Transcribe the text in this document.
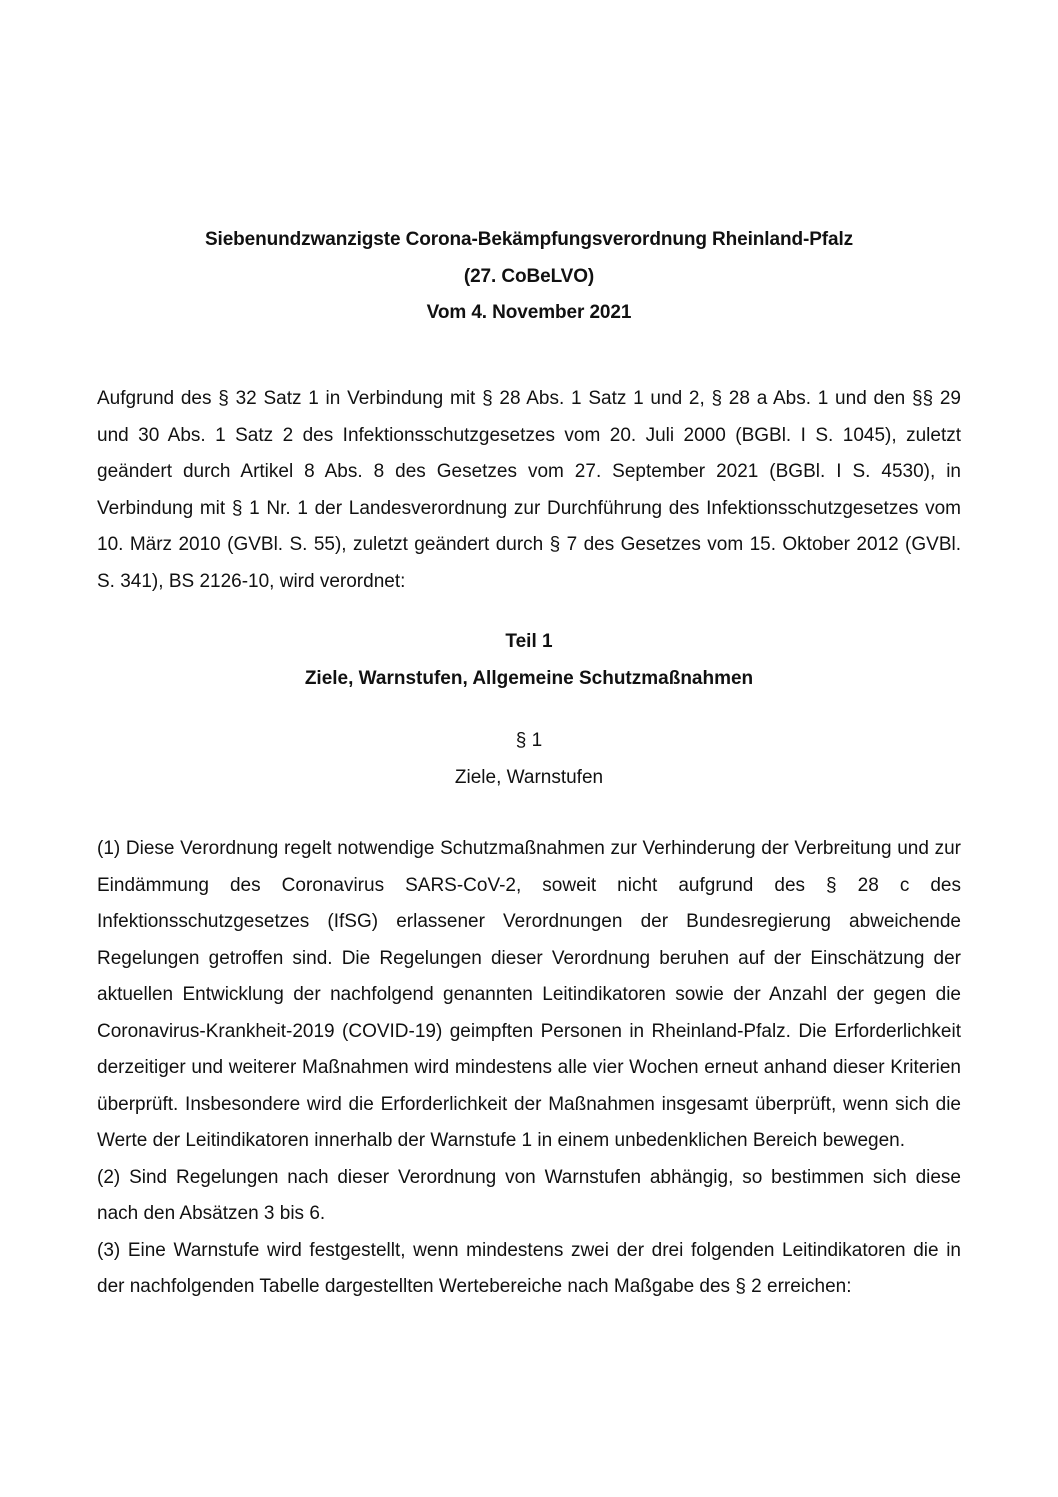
Siebenundzwanzigste Corona-Bekämpfungsverordnung Rheinland-Pfalz
(27. CoBeLVO)
Vom 4. November 2021

Aufgrund des § 32 Satz 1 in Verbindung mit § 28 Abs. 1 Satz 1 und 2, § 28 a Abs. 1 und den §§ 29 und 30 Abs. 1 Satz 2 des Infektionsschutzgesetzes vom 20. Juli 2000 (BGBl. I S. 1045), zuletzt geändert durch Artikel 8 Abs. 8 des Gesetzes vom 27. September 2021 (BGBl. I S. 4530), in Verbindung mit § 1 Nr. 1 der Landesverordnung zur Durchführung des Infektionsschutzgesetzes vom 10. März 2010 (GVBl. S. 55), zuletzt geändert durch § 7 des Gesetzes vom 15. Oktober 2012 (GVBl. S. 341), BS 2126-10, wird verordnet:

Teil 1
Ziele, Warnstufen, Allgemeine Schutzmaßnahmen
§ 1
Ziele, Warnstufen

(1) Diese Verordnung regelt notwendige Schutzmaßnahmen zur Verhinderung der Verbreitung und zur Eindämmung des Coronavirus SARS-CoV-2, soweit nicht aufgrund des § 28 c des Infektionsschutzgesetzes (IfSG) erlassener Verordnungen der Bundesregierung abweichende Regelungen getroffen sind. Die Regelungen dieser Verordnung beruhen auf der Einschätzung der aktuellen Entwicklung der nachfolgend genannten Leitindikatoren sowie der Anzahl der gegen die Coronavirus-Krankheit-2019 (COVID-19) geimpften Personen in Rheinland-Pfalz. Die Erforderlichkeit derzeitiger und weiterer Maßnahmen wird mindestens alle vier Wochen erneut anhand dieser Kriterien überprüft. Insbesondere wird die Erforderlichkeit der Maßnahmen insgesamt überprüft, wenn sich die Werte der Leitindikatoren innerhalb der Warnstufe 1 in einem unbedenklichen Bereich bewegen.

(2) Sind Regelungen nach dieser Verordnung von Warnstufen abhängig, so bestimmen sich diese nach den Absätzen 3 bis 6.

(3) Eine Warnstufe wird festgestellt, wenn mindestens zwei der drei folgenden Leitindikatoren die in der nachfolgenden Tabelle dargestellten Wertebereiche nach Maßgabe des § 2 erreichen:
